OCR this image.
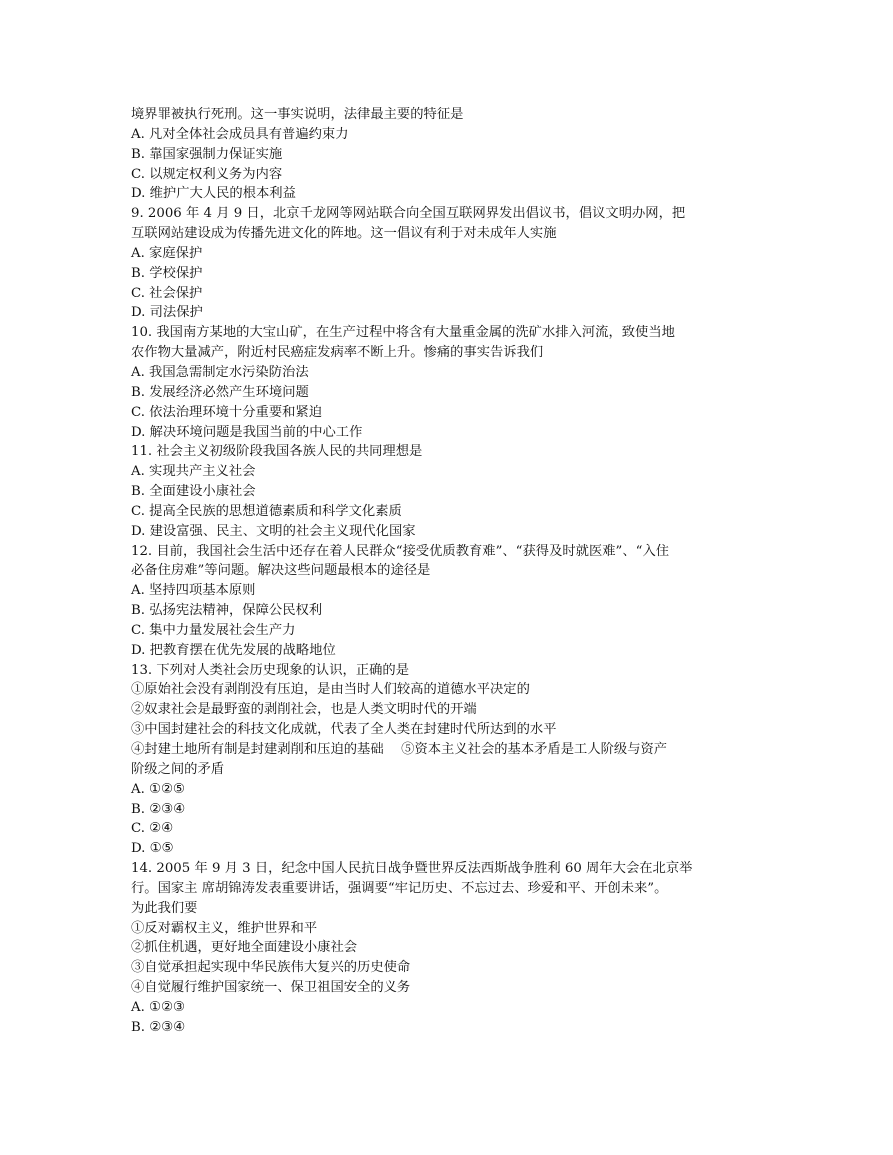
境界罪被执行死刑。这一事实说明，法律最主要的特征是
A. 凡对全体社会成员具有普遍约束力
B. 靠国家强制力保证实施
C. 以规定权利义务为内容
D. 维护广大人民的根本利益
9. 2006 年 4 月 9 日，北京千龙网等网站联合向全国互联网界发出倡议书，倡议文明办网，把
互联网站建设成为传播先进文化的阵地。这一倡议有利于对未成年人实施
A. 家庭保护
B. 学校保护
C. 社会保护
D. 司法保护
10. 我国南方某地的大宝山矿，在生产过程中将含有大量重金属的洗矿水排入河流，致使当地
农作物大量减产，附近村民癌症发病率不断上升。惨痛的事实告诉我们
A. 我国急需制定水污染防治法
B. 发展经济必然产生环境问题
C. 依法治理环境十分重要和紧迫
D. 解决环境问题是我国当前的中心工作
11. 社会主义初级阶段我国各族人民的共同理想是
A. 实现共产主义社会
B. 全面建设小康社会
C. 提高全民族的思想道德素质和科学文化素质
D. 建设富强、民主、文明的社会主义现代化国家
12. 目前，我国社会生活中还存在着人民群众“接受优质教育难”、“获得及时就医难”、“入住
必备住房难”等问题。解决这些问题最根本的途径是
A. 坚持四项基本原则
B. 弘扬宪法精神，保障公民权利
C. 集中力量发展社会生产力
D. 把教育摆在优先发展的战略地位
13. 下列对人类社会历史现象的认识，正确的是
①原始社会没有剥削没有压迫，是由当时人们较高的道德水平决定的
②奴隶社会是最野蛮的剥削社会，也是人类文明时代的开端
③中国封建社会的科技文化成就，代表了全人类在封建时代所达到的水平
④封建土地所有制是封建剥削和压迫的基础　 ⑤资本主义社会的基本矛盾是工人阶级与资产
阶级之间的矛盾
A. ①②⑤
B. ②③④
C. ②④
D. ①⑤
14. 2005 年 9 月 3 日，纪念中国人民抗日战争暨世界反法西斯战争胜利 60 周年大会在北京举
行。国家主 席胡锦涛发表重要讲话，强调要“牢记历史、不忘过去、珍爱和平、开创未来”。
为此我们要
①反对霸权主义，维护世界和平
②抓住机遇，更好地全面建设小康社会
③自觉承担起实现中华民族伟大复兴的历史使命
④自觉履行维护国家统一、保卫祖国安全的义务
A. ①②③
B. ②③④
